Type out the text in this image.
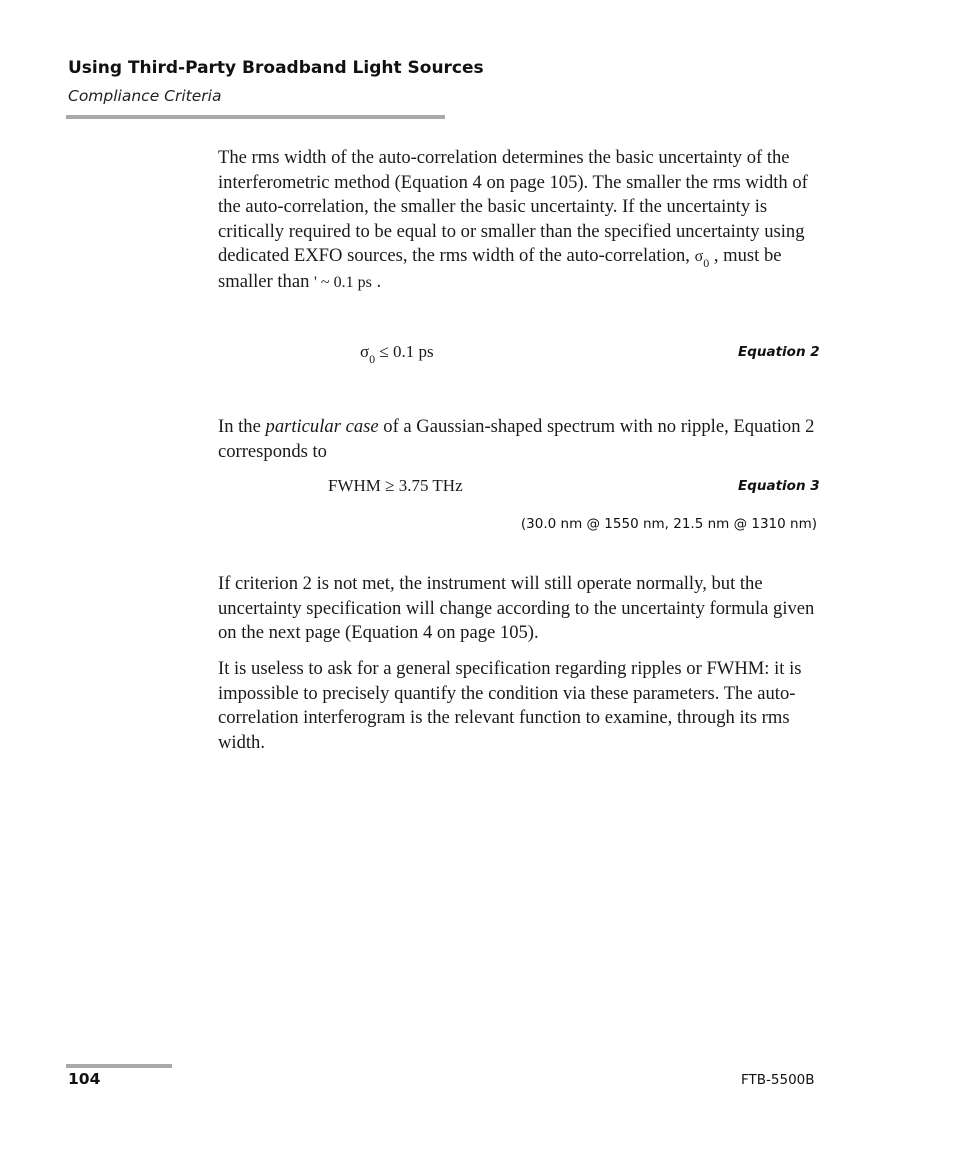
Using Third-Party Broadband Light Sources
Compliance Criteria

The rms width of the auto-correlation determines the basic uncertainty of the interferometric method (Equation 4 on page 105). The smaller the rms width of the auto-correlation, the smaller the basic uncertainty. If the uncertainty is critically required to be equal to or smaller than the specified uncertainty using dedicated EXFO sources, the rms width of the auto-correlation, $\sigma_0$ , must be smaller than ' ~ 0.1 ps .

$\sigma_0 \le 0.1$ ps	Equation 2

In the particular case of a Gaussian-shaped spectrum with no ripple, Equation 2 corresponds to

FWHM ≥ 3.75 THz	Equation 3
(30.0 nm @ 1550 nm, 21.5 nm @ 1310 nm)

If criterion 2 is not met, the instrument will still operate normally, but the uncertainty specification will change according to the uncertainty formula given on the next page (Equation 4 on page 105).

It is useless to ask for a general specification regarding ripples or FWHM: it is impossible to precisely quantify the condition via these parameters. The auto-correlation interferogram is the relevant function to examine, through its rms width.

104	FTB-5500B
